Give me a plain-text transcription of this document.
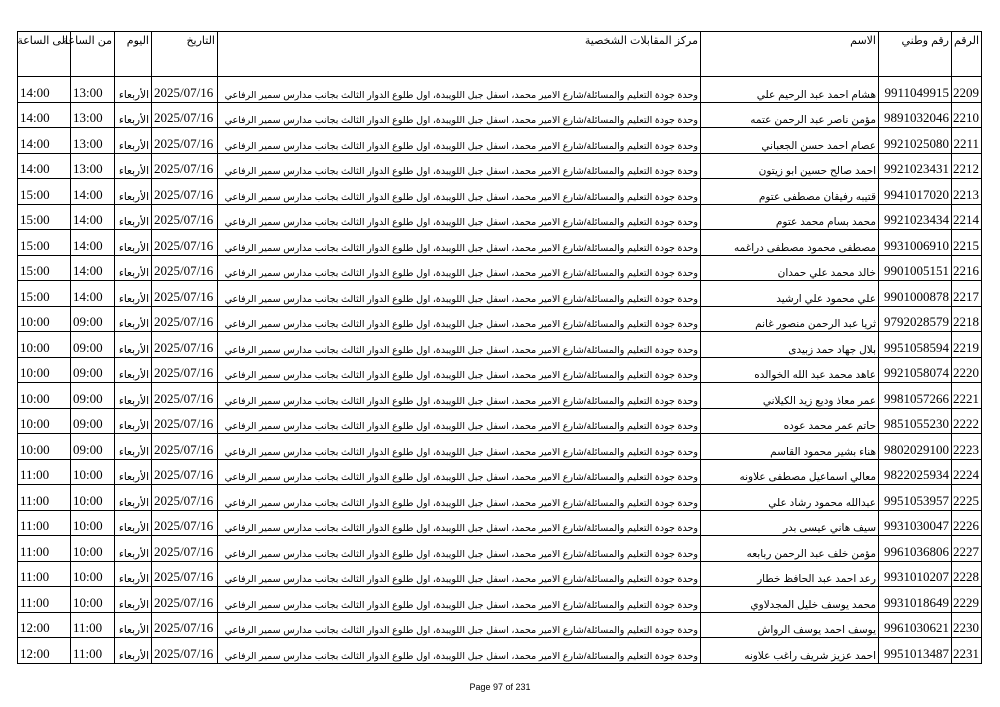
الرقم	رقم وطني	الاسم	مركز المقابلات الشخصية	التاريخ	اليوم	من الساعة	الى الساعة
2209	9911049915	هشام احمد عبد الرحيم علي	وحدة جودة التعليم والمسائلة/شارع الامير محمد، اسفل جبل اللويبدة، اول طلوع الدوار الثالث بجانب مدارس سمير الرفاعي	2025/07/16	الأربعاء	13:00	14:00
2210	9891032046	مؤمن ناصر عبد الرحمن عتمه	وحدة جودة التعليم والمسائلة/شارع الامير محمد، اسفل جبل اللويبدة، اول طلوع الدوار الثالث بجانب مدارس سمير الرفاعي	2025/07/16	الأربعاء	13:00	14:00
2211	9921025080	عصام احمد حسن الجعباني	وحدة جودة التعليم والمسائلة/شارع الامير محمد، اسفل جبل اللويبدة، اول طلوع الدوار الثالث بجانب مدارس سمير الرفاعي	2025/07/16	الأربعاء	13:00	14:00
2212	9921023431	احمد صالح حسين ابو زيتون	وحدة جودة التعليم والمسائلة/شارع الامير محمد، اسفل جبل اللويبدة، اول طلوع الدوار الثالث بجانب مدارس سمير الرفاعي	2025/07/16	الأربعاء	13:00	14:00
2213	9941017020	قتيبه رفيقان مصطفى عتوم	وحدة جودة التعليم والمسائلة/شارع الامير محمد، اسفل جبل اللويبدة، اول طلوع الدوار الثالث بجانب مدارس سمير الرفاعي	2025/07/16	الأربعاء	14:00	15:00
2214	9921023434	محمد بسام محمد عتوم	وحدة جودة التعليم والمسائلة/شارع الامير محمد، اسفل جبل اللويبدة، اول طلوع الدوار الثالث بجانب مدارس سمير الرفاعي	2025/07/16	الأربعاء	14:00	15:00
2215	9931006910	مصطفى محمود مصطفى دراغمه	وحدة جودة التعليم والمسائلة/شارع الامير محمد، اسفل جبل اللويبدة، اول طلوع الدوار الثالث بجانب مدارس سمير الرفاعي	2025/07/16	الأربعاء	14:00	15:00
2216	9901005151	خالد محمد علي حمدان	وحدة جودة التعليم والمسائلة/شارع الامير محمد، اسفل جبل اللويبدة، اول طلوع الدوار الثالث بجانب مدارس سمير الرفاعي	2025/07/16	الأربعاء	14:00	15:00
2217	9901000878	علي محمود علي ارشيد	وحدة جودة التعليم والمسائلة/شارع الامير محمد، اسفل جبل اللويبدة، اول طلوع الدوار الثالث بجانب مدارس سمير الرفاعي	2025/07/16	الأربعاء	14:00	15:00
2218	9792028579	ثريا عبد الرحمن منصور غانم	وحدة جودة التعليم والمسائلة/شارع الامير محمد، اسفل جبل اللويبدة، اول طلوع الدوار الثالث بجانب مدارس سمير الرفاعي	2025/07/16	الأربعاء	09:00	10:00
2219	9951058594	بلال جهاد حمد زبيدى	وحدة جودة التعليم والمسائلة/شارع الامير محمد، اسفل جبل اللويبدة، اول طلوع الدوار الثالث بجانب مدارس سمير الرفاعي	2025/07/16	الأربعاء	09:00	10:00
2220	9921058074	عاهد محمد عبد الله الخوالده	وحدة جودة التعليم والمسائلة/شارع الامير محمد، اسفل جبل اللويبدة، اول طلوع الدوار الثالث بجانب مدارس سمير الرفاعي	2025/07/16	الأربعاء	09:00	10:00
2221	9981057266	عمر معاذ وديع زيد الكيلاني	وحدة جودة التعليم والمسائلة/شارع الامير محمد، اسفل جبل اللويبدة، اول طلوع الدوار الثالث بجانب مدارس سمير الرفاعي	2025/07/16	الأربعاء	09:00	10:00
2222	9851055230	حاتم عمر محمد عوده	وحدة جودة التعليم والمسائلة/شارع الامير محمد، اسفل جبل اللويبدة، اول طلوع الدوار الثالث بجانب مدارس سمير الرفاعي	2025/07/16	الأربعاء	09:00	10:00
2223	9802029100	هناء بشير محمود القاسم	وحدة جودة التعليم والمسائلة/شارع الامير محمد، اسفل جبل اللويبدة، اول طلوع الدوار الثالث بجانب مدارس سمير الرفاعي	2025/07/16	الأربعاء	09:00	10:00
2224	9822025934	معالي اسماعيل مصطفى علاونه	وحدة جودة التعليم والمسائلة/شارع الامير محمد، اسفل جبل اللويبدة، اول طلوع الدوار الثالث بجانب مدارس سمير الرفاعي	2025/07/16	الأربعاء	10:00	11:00
2225	9951053957	عبدالله محمود رشاد علي	وحدة جودة التعليم والمسائلة/شارع الامير محمد، اسفل جبل اللويبدة، اول طلوع الدوار الثالث بجانب مدارس سمير الرفاعي	2025/07/16	الأربعاء	10:00	11:00
2226	9931030047	سيف هاني عيسى بدر	وحدة جودة التعليم والمسائلة/شارع الامير محمد، اسفل جبل اللويبدة، اول طلوع الدوار الثالث بجانب مدارس سمير الرفاعي	2025/07/16	الأربعاء	10:00	11:00
2227	9961036806	مؤمن خلف عبد الرحمن ربابعه	وحدة جودة التعليم والمسائلة/شارع الامير محمد، اسفل جبل اللويبدة، اول طلوع الدوار الثالث بجانب مدارس سمير الرفاعي	2025/07/16	الأربعاء	10:00	11:00
2228	9931010207	رعد احمد عبد الحافظ خطار	وحدة جودة التعليم والمسائلة/شارع الامير محمد، اسفل جبل اللويبدة، اول طلوع الدوار الثالث بجانب مدارس سمير الرفاعي	2025/07/16	الأربعاء	10:00	11:00
2229	9931018649	محمد يوسف خليل المجدلاوي	وحدة جودة التعليم والمسائلة/شارع الامير محمد، اسفل جبل اللويبدة، اول طلوع الدوار الثالث بجانب مدارس سمير الرفاعي	2025/07/16	الأربعاء	10:00	11:00
2230	9961030621	يوسف احمد يوسف الرواش	وحدة جودة التعليم والمسائلة/شارع الامير محمد، اسفل جبل اللويبدة، اول طلوع الدوار الثالث بجانب مدارس سمير الرفاعي	2025/07/16	الأربعاء	11:00	12:00
2231	9951013487	احمد عزيز شريف راغب علاونه	وحدة جودة التعليم والمسائلة/شارع الامير محمد، اسفل جبل اللويبدة، اول طلوع الدوار الثالث بجانب مدارس سمير الرفاعي	2025/07/16	الأربعاء	11:00	12:00
Page 97 of 231
